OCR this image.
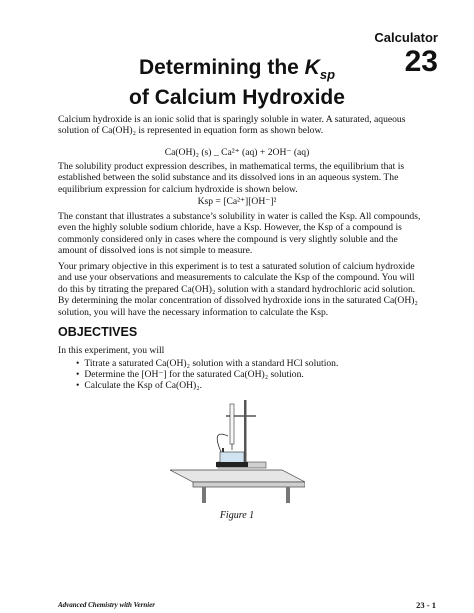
Calculator
23
Determining the $K_{sp}$
of Calcium Hydroxide
Calcium hydroxide is an ionic solid that is sparingly soluble in water. A saturated, aqueous solution of Ca(OH)₂ is represented in equation form as shown below.
Ca(OH)₂ (s) _ Ca²⁺ (aq) + 2OH⁻ (aq)
The solubility product expression describes, in mathematical terms, the equilibrium that is established between the solid substance and its dissolved ions in an aqueous system. The equilibrium expression for calcium hydroxide is shown below.
Ksp = [Ca²⁺][OH⁻]²
The constant that illustrates a substance’s solubility in water is called the Ksp. All compounds, even the highly soluble sodium chloride, have a Ksp. However, the Ksp of a compound is commonly considered only in cases where the compound is very slightly soluble and the amount of dissolved ions is not simple to measure.
Your primary objective in this experiment is to test a saturated solution of calcium hydroxide and use your observations and measurements to calculate the Ksp of the compound. You will do this by titrating the prepared Ca(OH)₂ solution with a standard hydrochloric acid solution. By determining the molar concentration of dissolved hydroxide ions in the saturated Ca(OH)₂ solution, you will have the necessary information to calculate the Ksp.
OBJECTIVES
In this experiment, you will
• Titrate a saturated Ca(OH)₂ solution with a standard HCl solution.
• Determine the [OH⁻] for the saturated Ca(OH)₂ solution.
• Calculate the Ksp of Ca(OH)₂.
Figure 1
Advanced Chemistry with Vernier	23 - 1
